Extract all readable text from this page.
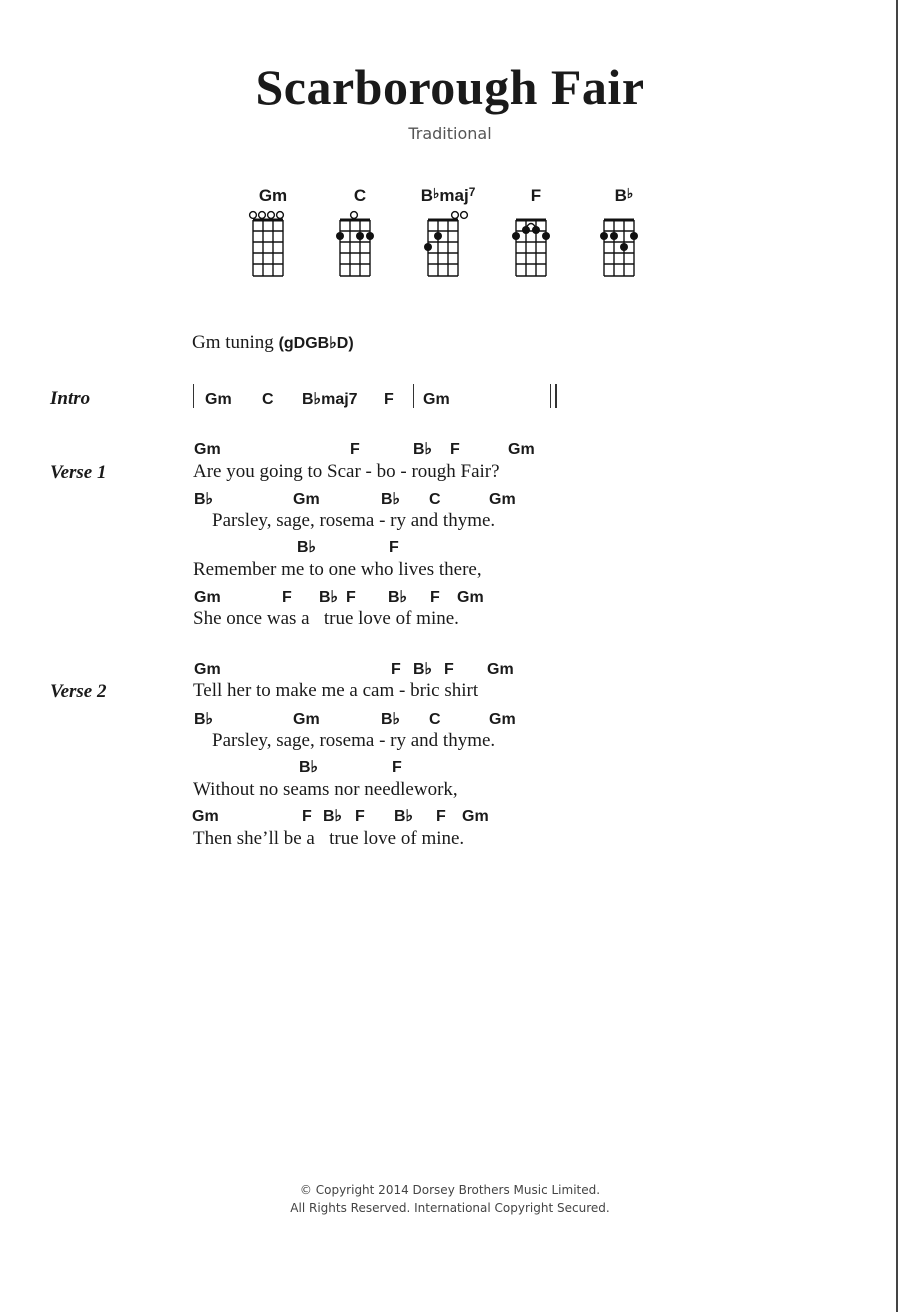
Scarborough Fair
Traditional
Gm	C	B♭maj$^7$	F	B♭
Gm tuning (gDGB♭D)
Intro	Gm C B♭maj7 F Gm
Verse 1
Gm	F	B♭ F	Gm
Are you going to Scar - bo - rough Fair?
B♭	Gm	B♭ C	Gm
Parsley, sage, rosema - ry and thyme.
B♭	F
Remember me to one who lives there,
Gm	F B♭ F B♭ F Gm
She once was a   true love of mine.
Verse 2
Gm	F B♭ F Gm
Tell her to make me a cam - bric shirt
B♭	Gm	B♭ C	Gm
Parsley, sage, rosema - ry and thyme.
B♭	F
Without no seams nor needlework,
Gm	F B♭ F B♭ F Gm
Then she’ll be a   true love of mine.
© Copyright 2014 Dorsey Brothers Music Limited.
All Rights Reserved. International Copyright Secured.
